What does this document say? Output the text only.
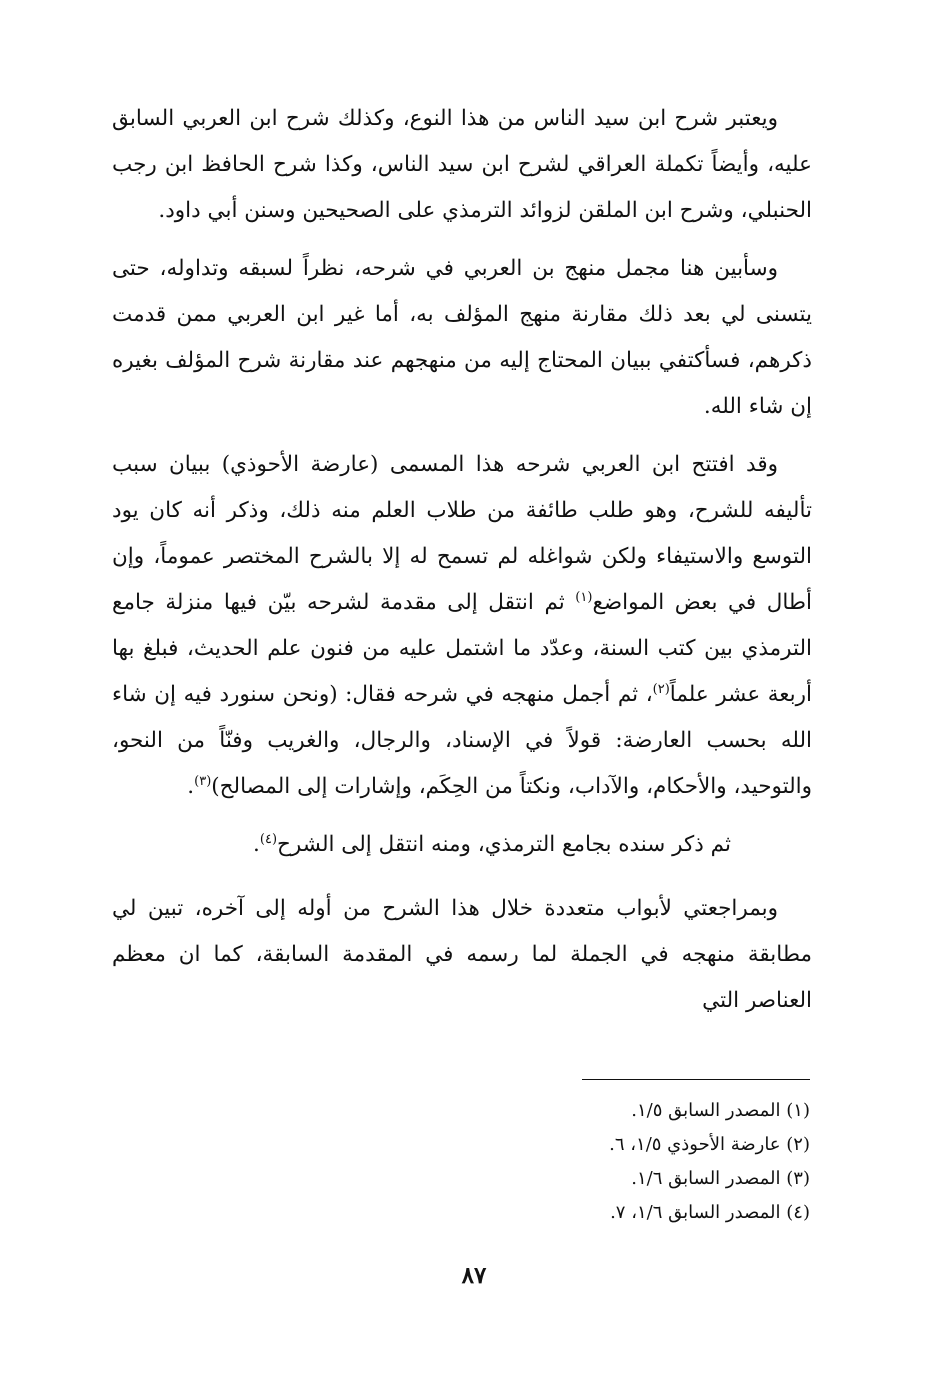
ويعتبر شرح ابن سيد الناس من هذا النوع، وكذلك شرح ابن العربي السابق عليه، وأيضاً تكملة العراقي لشرح ابن سيد الناس، وكذا شرح الحافظ ابن رجب الحنبلي، وشرح ابن الملقن لزوائد الترمذي على الصحيحين وسنن أبي داود.

وسأبين هنا مجمل منهج بن العربي في شرحه، نظراً لسبقه وتداوله، حتى يتسنى لي بعد ذلك مقارنة منهج المؤلف به، أما غير ابن العربي ممن قدمت ذكرهم، فسأكتفي ببيان المحتاج إليه من منهجهم عند مقارنة شرح المؤلف بغيره إن شاء الله.

وقد افتتح ابن العربي شرحه هذا المسمى (عارضة الأحوذي) ببيان سبب تأليفه للشرح، وهو طلب طائفة من طلاب العلم منه ذلك، وذكر أنه كان يود التوسع والاستيفاء ولكن شواغله لم تسمح له إلا بالشرح المختصر عموماً، وإن أطال في بعض المواضع$^{(١)}$ ثم انتقل إلى مقدمة لشرحه بيّن فيها منزلة جامع الترمذي بين كتب السنة، وعدّد ما اشتمل عليه من فنون علم الحديث، فبلغ بها أربعة عشر علماً$^{(٢)}$، ثم أجمل منهجه في شرحه فقال: (ونحن سنورد فيه إن شاء الله بحسب العارضة: قولاً في الإسناد، والرجال، والغريب وفنّاً من النحو، والتوحيد، والأحكام، والآداب، ونكتاً من الحِكَم، وإشارات إلى المصالح)$^{(٣)}$.

ثم ذكر سنده بجامع الترمذي، ومنه انتقل إلى الشرح$^{(٤)}$.

وبمراجعتي لأبواب متعددة خلال هذا الشرح من أوله إلى آخره، تبين لي مطابقة منهجه في الجملة لما رسمه في المقدمة السابقة، كما ان معظم العناصر التي

(١) المصدر السابق ١/٥.
(٢) عارضة الأحوذي ١/٥، ٦.
(٣) المصدر السابق ١/٦.
(٤) المصدر السابق ١/٦، ٧.
٨٧
